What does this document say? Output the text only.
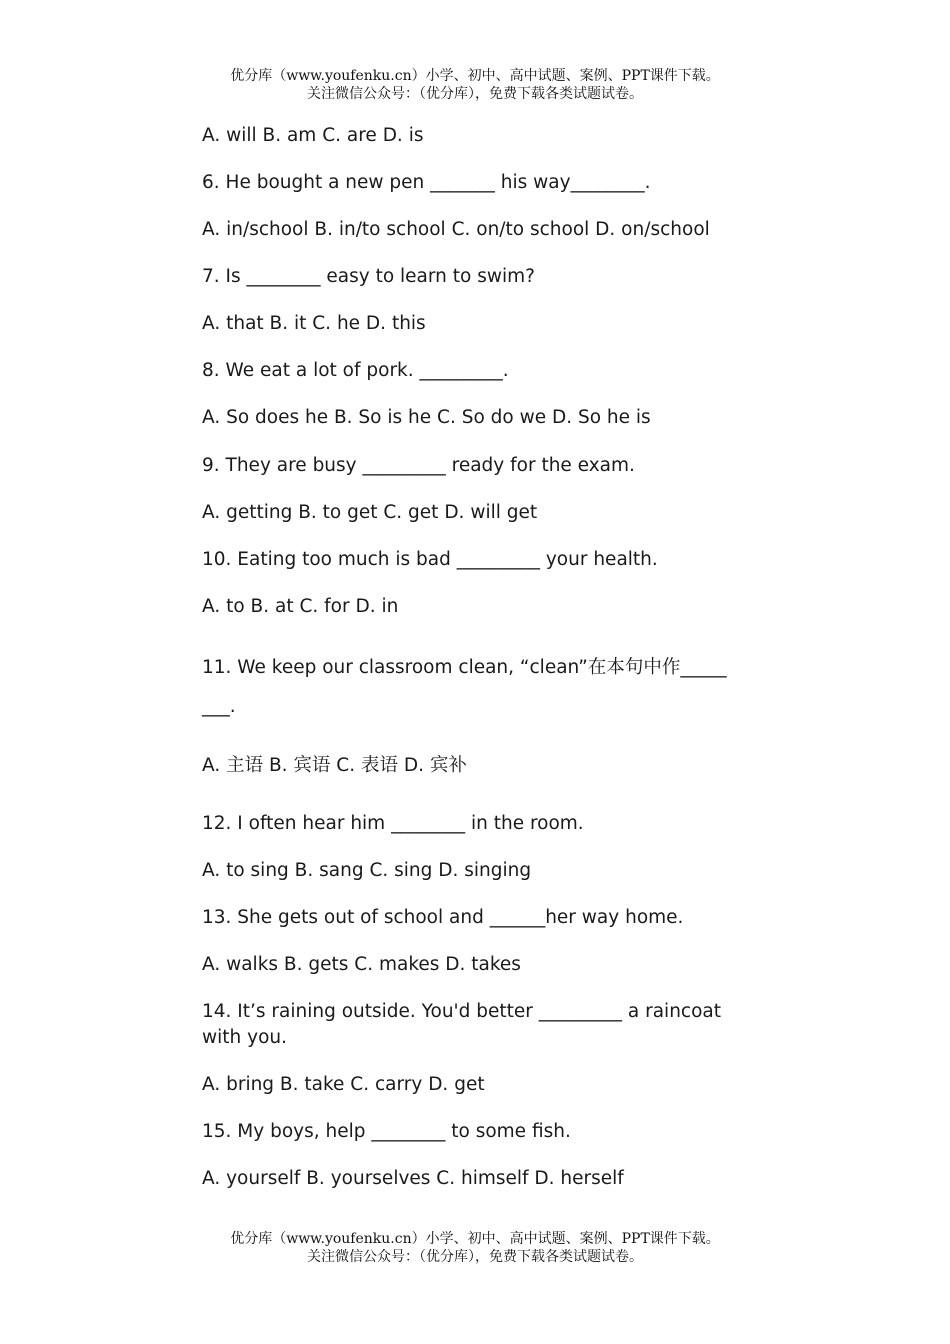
优分库（www.youfenku.cn）小学、初中、高中试题、案例、PPT课件下载。
关注微信公众号：（优分库），免费下载各类试题试卷。
A. will B. am C. are D. is
6. He bought a new pen _______ his way________.
A. in/school B. in/to school C. on/to school D. on/school
7. Is ________ easy to learn to swim?
A. that B. it C. he D. this
8. We eat a lot of pork. _________.
A. So does he B. So is he C. So do we D. So he is
9. They are busy _________ ready for the exam.
A. getting B. to get C. get D. will get
10. Eating too much is bad _________ your health.
A. to B. at C. for D. in
11. We keep our classroom clean, “clean”在本句中作_____
___.
A. 主语 B. 宾语 C. 表语 D. 宾补
12. I often hear him ________ in the room.
A. to sing B. sang C. sing D. singing
13. She gets out of school and ______her way home.
A. walks B. gets C. makes D. takes
14. It’s raining outside. You'd better _________ a raincoat
with you.
A. bring B. take C. carry D. get
15. My boys, help ________ to some fish.
A. yourself B. yourselves C. himself D. herself
优分库（www.youfenku.cn）小学、初中、高中试题、案例、PPT课件下载。
关注微信公众号：（优分库），免费下载各类试题试卷。
